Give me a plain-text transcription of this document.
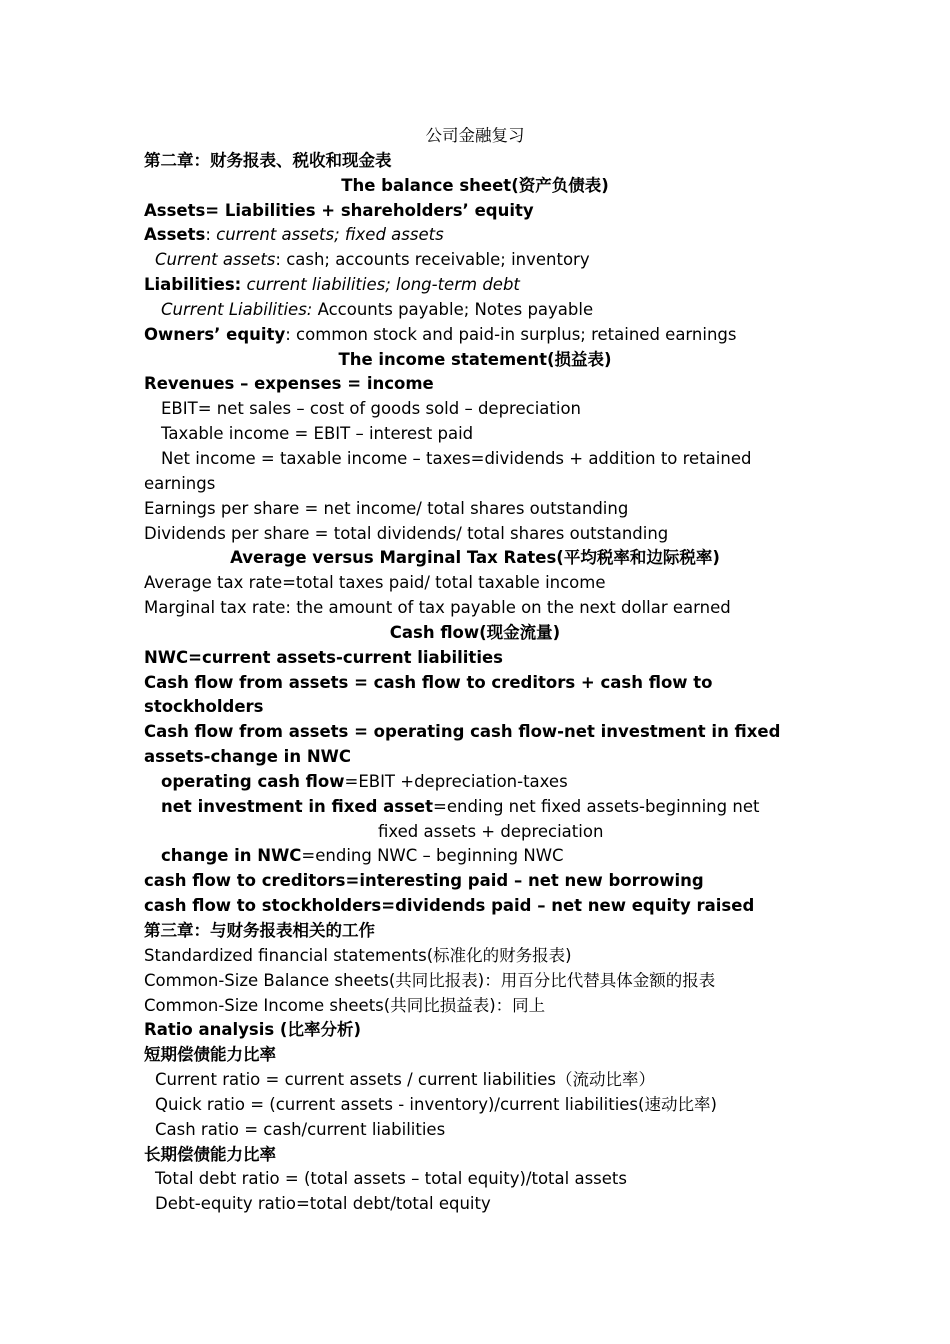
公司金融复习
第二章：财务报表、税收和现金表
The balance sheet(资产负债表)
Assets= Liabilities + shareholders’ equity
Assets: current assets; fixed assets
Current assets: cash; accounts receivable; inventory
Liabilities: current liabilities; long-term debt
Current Liabilities: Accounts payable; Notes payable
Owners’ equity: common stock and paid-in surplus; retained earnings
The income statement(损益表)
Revenues – expenses = income
EBIT= net sales – cost of goods sold – depreciation
Taxable income = EBIT – interest paid
Net income = taxable income – taxes=dividends + addition to retained
earnings
Earnings per share = net income/ total shares outstanding
Dividends per share = total dividends/ total shares outstanding
Average versus Marginal Tax Rates(平均税率和边际税率)
Average tax rate=total taxes paid/ total taxable income
Marginal tax rate: the amount of tax payable on the next dollar earned
Cash flow(现金流量)
NWC=current assets-current liabilities
Cash flow from assets = cash flow to creditors + cash flow to
stockholders
Cash flow from assets = operating cash flow-net investment in fixed
assets-change in NWC
operating cash flow=EBIT +depreciation-taxes
net investment in fixed asset=ending net fixed assets-beginning net
fixed assets + depreciation
change in NWC=ending NWC – beginning NWC
cash flow to creditors=interesting paid – net new borrowing
cash flow to stockholders=dividends paid – net new equity raised
第三章：与财务报表相关的工作
Standardized financial statements(标准化的财务报表)
Common-Size Balance sheets(共同比报表)：用百分比代替具体金额的报表
Common-Size Income sheets(共同比损益表)：同上
Ratio analysis (比率分析)
短期偿债能力比率
Current ratio = current assets / current liabilities（流动比率）
Quick ratio = (current assets - inventory)/current liabilities(速动比率)
Cash ratio = cash/current liabilities
长期偿债能力比率
Total debt ratio = (total assets – total equity)/total assets
Debt-equity ratio=total debt/total equity
